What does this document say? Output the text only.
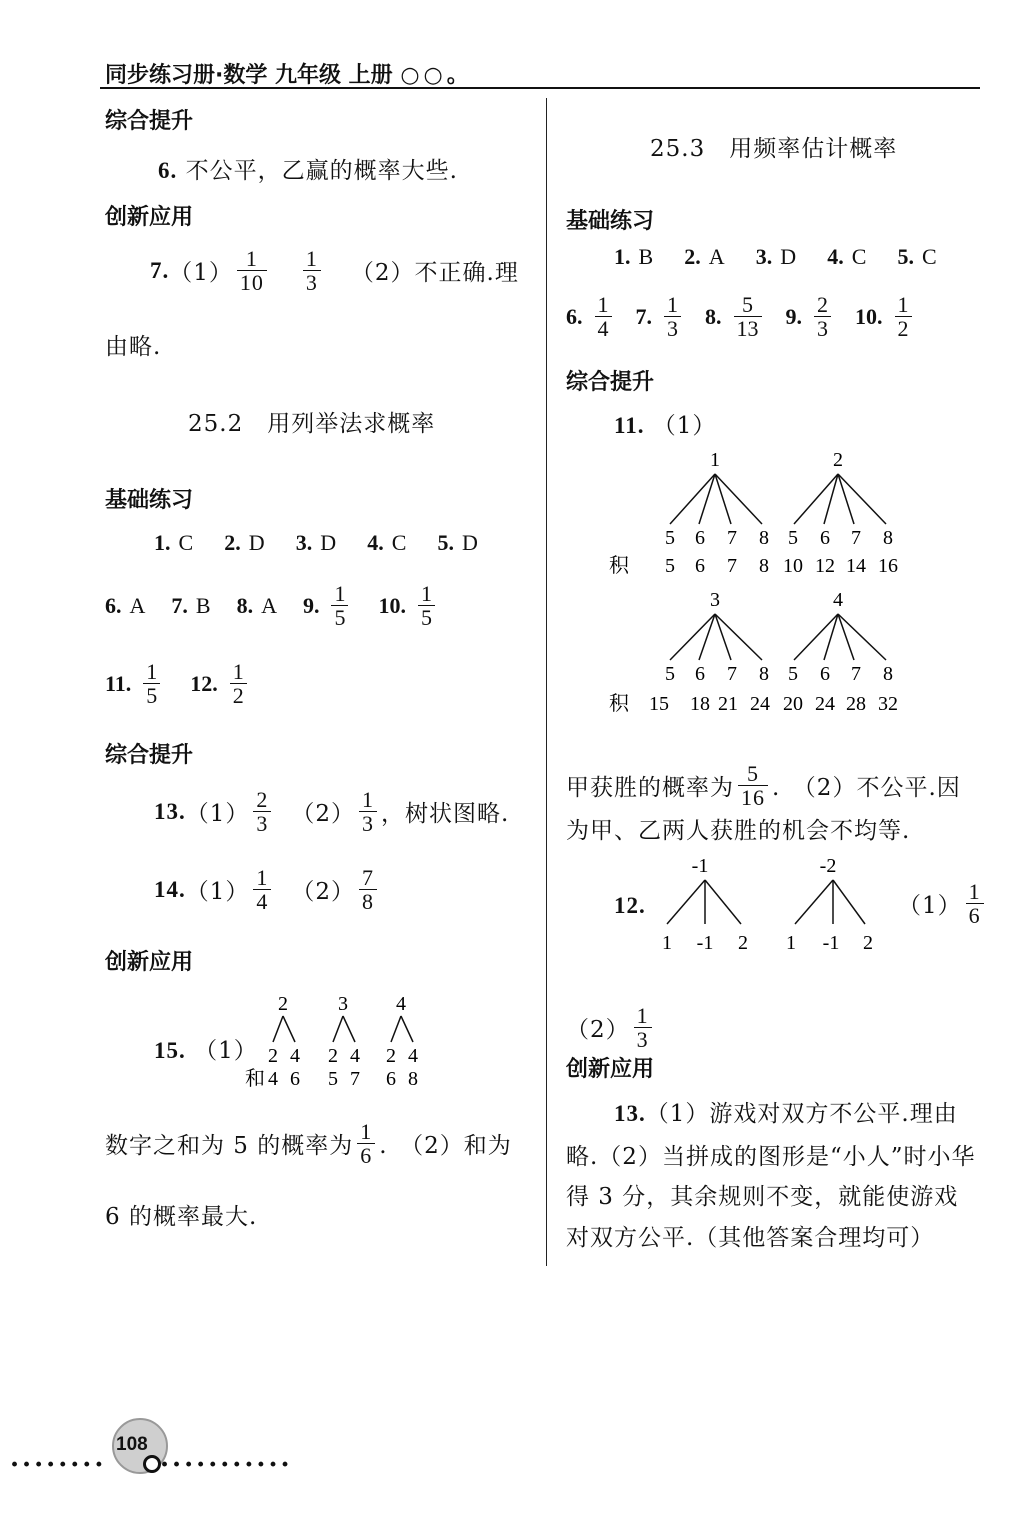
同步练习册·数学 九年级 上册 ○○。
综合提升
6. 不公平，乙赢的概率大些.
创新应用
7. $(1) \frac{1}{10} \frac{1}{3} (2)$不正确.理
由略.
25.2　用列举法求概率
基础练习
1. C
2. D
3. D
4. C
5. D
6. A 7. B 8. A 9. $\frac{1}{5} 10$. $\frac{1}{5}$
11. $\frac{1}{5} 12$. $\frac{1}{2}$
综合提升
13. $(1) \frac{2}{3} (2) \frac{1}{3}$ ，树状图略.
14. $(1) \frac{1}{4} (2) \frac{7}{8}$
创新应用
15. （1）
2	3 4
2 4 2 4 2 4
和 4 6 5 7 6 8
数字之和为 5 的概率为 $\frac{1}{6}$ .　（2）和为
6 的概率最大.
25.3　用频率估计概率
基础练习
1. B
2. A
3. D
4. C
5. C
6. $\frac{1}{4} 7$. $\frac{1}{3} 8$. $\frac{5}{13} 9$. $\frac{2}{3} 10$. $\frac{1}{2}$
综合提升
11. （1）
1	2
5 6 7 8 5 6 7 8
积 5 6 7 8 10 12 14 16
3	4
5 6 7 8 5 6 7 8
积 15 18 21 24 20 24 28 32
甲获胜的概率为 $\frac{5}{16}$ .　（2）不公平.因
为甲、乙两人获胜的机会不均等.
12.
-1	-2
1 -1 2 1 -1 2
$(1) \frac{1}{6}$
$(2) \frac{1}{3}$
创新应用
13.（1）游戏对双方不公平.理由
略.（2）当拼成的图形是“小人”时小华
得 3 分，其余规则不变，就能使游戏
对双方公平.（其他答案合理均可）
········
108
···········
